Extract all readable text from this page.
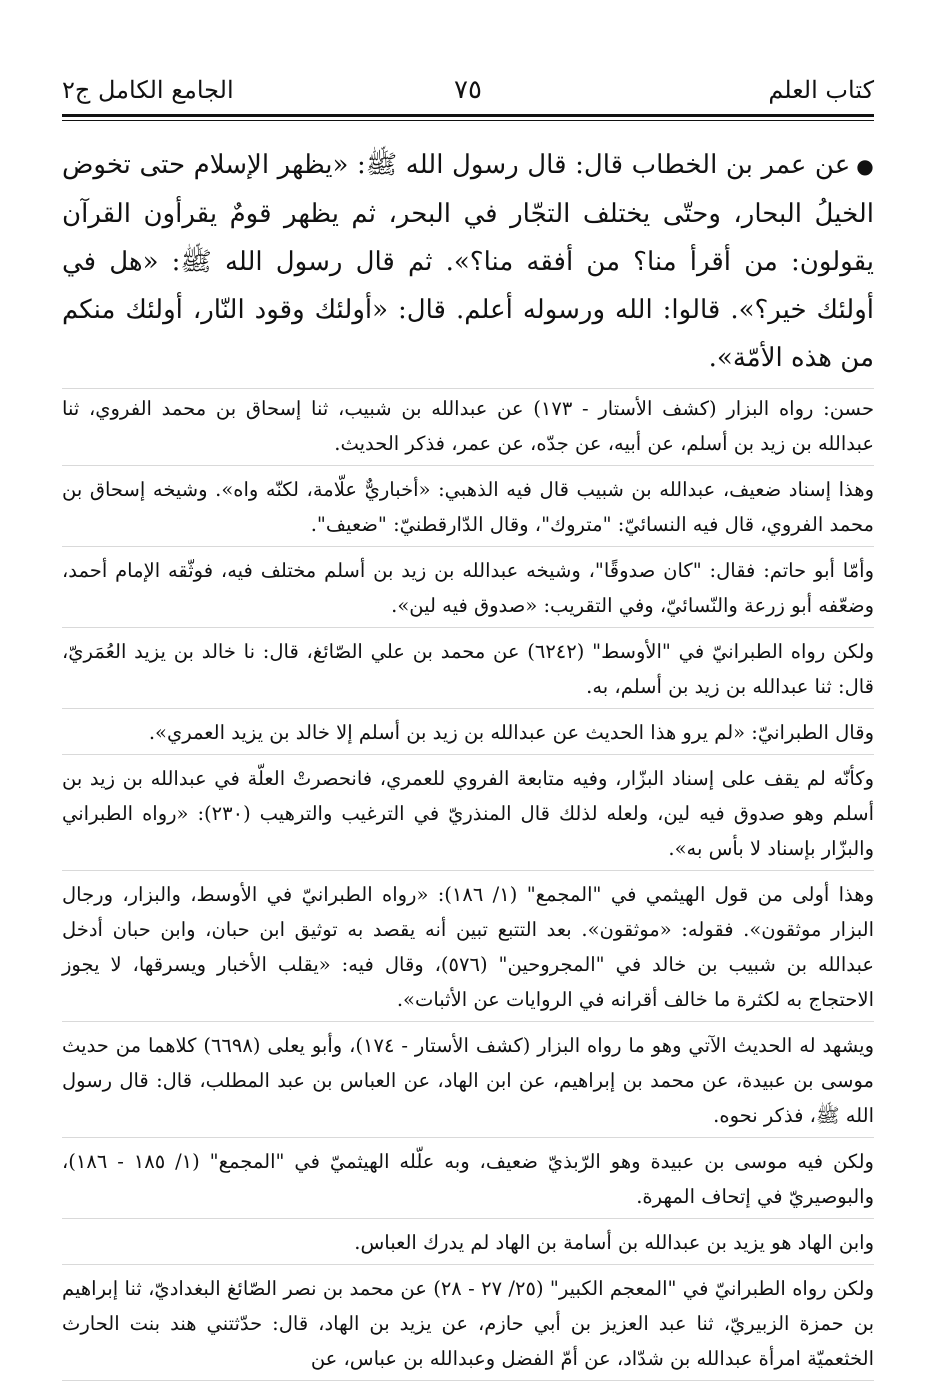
كتاب العلم
٧٥
الجامع الكامل ج٢

●عن عمر بن الخطاب قال: قال رسول الله ﷺ: «يظهر الإسلام حتى تخوض الخيلُ البحار، وحتّى يختلف التجّار في البحر، ثم يظهر قومٌ يقرأون القرآن يقولون: من أقرأ منا؟ من أفقه منا؟». ثم قال رسول الله ﷺ: «هل في أولئك خير؟». قالوا: الله ورسوله أعلم. قال: «أولئك وقود النّار، أولئك منكم من هذه الأمّة».

حسن: رواه البزار (كشف الأستار - ١٧٣) عن عبدالله بن شبيب، ثنا إسحاق بن محمد الفروي، ثنا عبدالله بن زيد بن أسلم، عن أبيه، عن جدّه، عن عمر، فذكر الحديث.

وهذا إسناد ضعيف، عبدالله بن شبيب قال فيه الذهبي: «أخباريٌّ علّامة، لكنّه واه». وشيخه إسحاق بن محمد الفروي، قال فيه النسائيّ: "متروك"، وقال الدّارقطنيّ: "ضعيف".

وأمّا أبو حاتم: فقال: "كان صدوقًا"، وشيخه عبدالله بن زيد بن أسلم مختلف فيه، فوثّقه الإمام أحمد، وضعّفه أبو زرعة والنّسائيّ، وفي التقريب: «صدوق فيه لين».

ولكن رواه الطبرانيّ في "الأوسط" (٦٢٤٢) عن محمد بن علي الصّائغ، قال: نا خالد بن يزيد العُمَريّ، قال: ثنا عبدالله بن زيد بن أسلم، به.

وقال الطبرانيّ: «لم يرو هذا الحديث عن عبدالله بن زيد بن أسلم إلا خالد بن يزيد العمري».

وكأنّه لم يقف على إسناد البزّار، وفيه متابعة الفروي للعمري، فانحصرتْ العلّة في عبدالله بن زيد بن أسلم وهو صدوق فيه لين، ولعله لذلك قال المنذريّ في الترغيب والترهيب (٢٣٠): «رواه الطبراني والبزّار بإسناد لا بأس به».

وهذا أولى من قول الهيثمي في "المجمع" (١/ ١٨٦): «رواه الطبرانيّ في الأوسط، والبزار، ورجال البزار موثقون». فقوله: «موثقون». بعد التتبع تبين أنه يقصد به توثيق ابن حبان، وابن حبان أدخل عبدالله بن شبيب بن خالد في "المجروحين" (٥٧٦)، وقال فيه: «يقلب الأخبار ويسرقها، لا يجوز الاحتجاج به لكثرة ما خالف أقرانه في الروايات عن الأثبات».

ويشهد له الحديث الآتي وهو ما رواه البزار (كشف الأستار - ١٧٤)، وأبو يعلى (٦٦٩٨) كلاهما من حديث موسى بن عبيدة، عن محمد بن إبراهيم، عن ابن الهاد، عن العباس بن عبد المطلب، قال: قال رسول الله ﷺ، فذكر نحوه.

ولكن فيه موسى بن عبيدة وهو الرّبذيّ ضعيف، وبه علّله الهيثميّ في "المجمع" (١/ ١٨٥ - ١٨٦)، والبوصيريّ في إتحاف المهرة.

وابن الهاد هو يزيد بن عبدالله بن أسامة بن الهاد لم يدرك العباس.

ولكن رواه الطبرانيّ في "المعجم الكبير" (٢٥/ ٢٧ - ٢٨) عن محمد بن نصر الصّائغ البغداديّ، ثنا إبراهيم بن حمزة الزبيريّ، ثنا عبد العزيز بن أبي حازم، عن يزيد بن الهاد، قال: حدّثتني هند بنت الحارث الخثعميّة امرأة عبدالله بن شدّاد، عن أمّ الفضل وعبدالله بن عباس، عن
